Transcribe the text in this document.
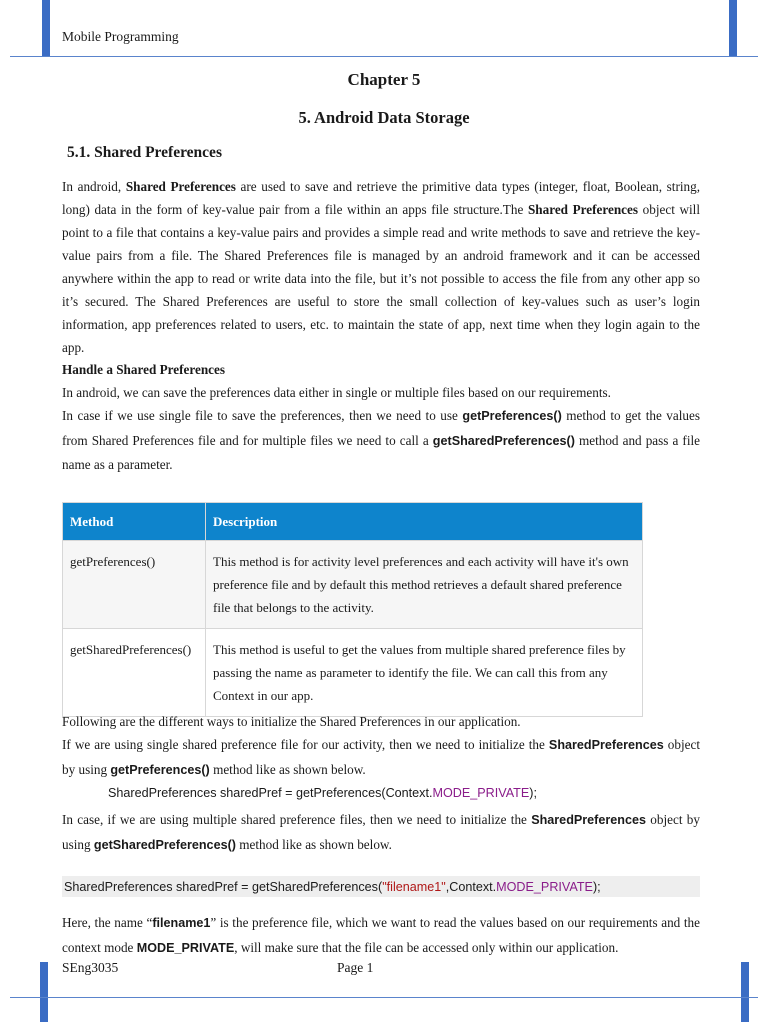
Mobile Programming
Chapter 5
5. Android Data Storage
5.1. Shared Preferences

In android, Shared Preferences are used to save and retrieve the primitive data types (integer, float, Boolean, string, long) data in the form of key-value pair from a file within an apps file structure.The Shared Preferences object will point to a file that contains a key-value pairs and provides a simple read and write methods to save and retrieve the key-value pairs from a file. The Shared Preferences file is managed by an android framework and it can be accessed anywhere within the app to read or write data into the file, but it’s not possible to access the file from any other app so it’s secured. The Shared Preferences are useful to store the small collection of key-values such as user’s login information, app preferences related to users, etc. to maintain the state of app, next time when they login again to the app.

Handle a Shared Preferences

In android, we can save the preferences data either in single or multiple files based on our requirements.

In case if we use single file to save the preferences, then we need to use getPreferences() method to get the values from Shared Preferences file and for multiple files we need to call a getSharedPreferences() method and pass a file name as a parameter.

Method	Description
getPreferences()	This method is for activity level preferences and each activity will have it's own preference file and by default this method retrieves a default shared preference file that belongs to the activity.
getSharedPreferences()	This method is useful to get the values from multiple shared preference files by passing the name as parameter to identify the file. We can call this from any Context in our app.

Following are the different ways to initialize the Shared Preferences in our application.

If we are using single shared preference file for our activity, then we need to initialize the SharedPreferences object by using getPreferences() method like as shown below.

SharedPreferences sharedPref = getPreferences(Context.MODE_PRIVATE);

In case, if we are using multiple shared preference files, then we need to initialize the SharedPreferences object by using getSharedPreferences() method like as shown below.

SharedPreferences sharedPref = getSharedPreferences("filename1",Context.MODE_PRIVATE);

Here, the name “filename1” is the preference file, which we want to read the values based on our requirements and the context mode MODE_PRIVATE, will make sure that the file can be accessed only within our application.

SEng3035	Page 1
